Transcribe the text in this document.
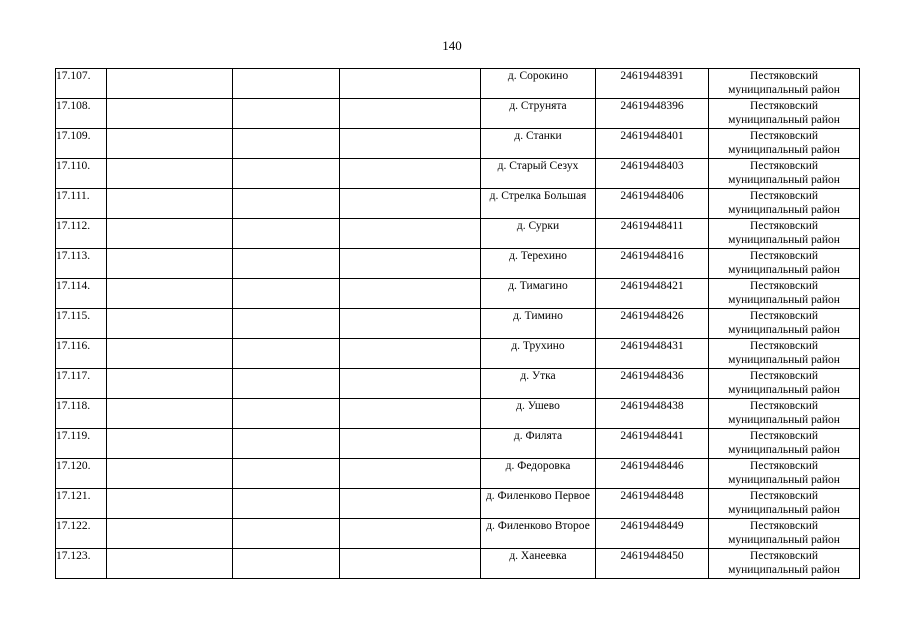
140
17.107.				д. Сорокино	24619448391	Пестяковский муниципальный район
17.108.				д. Струнята	24619448396	Пестяковский муниципальный район
17.109.				д. Станки	24619448401	Пестяковский муниципальный район
17.110.				д. Старый Сезух	24619448403	Пестяковский муниципальный район
17.111.				д. Стрелка Большая	24619448406	Пестяковский муниципальный район
17.112.				д. Сурки	24619448411	Пестяковский муниципальный район
17.113.				д. Терехино	24619448416	Пестяковский муниципальный район
17.114.				д. Тимагино	24619448421	Пестяковский муниципальный район
17.115.				д. Тимино	24619448426	Пестяковский муниципальный район
17.116.				д. Трухино	24619448431	Пестяковский муниципальный район
17.117.				д. Утка	24619448436	Пестяковский муниципальный район
17.118.				д. Ушево	24619448438	Пестяковский муниципальный район
17.119.				д. Филята	24619448441	Пестяковский муниципальный район
17.120.				д. Федоровка	24619448446	Пестяковский муниципальный район
17.121.				д. Филенково Первое	24619448448	Пестяковский муниципальный район
17.122.				д. Филенково Второе	24619448449	Пестяковский муниципальный район
17.123.				д. Ханеевка	24619448450	Пестяковский муниципальный район
